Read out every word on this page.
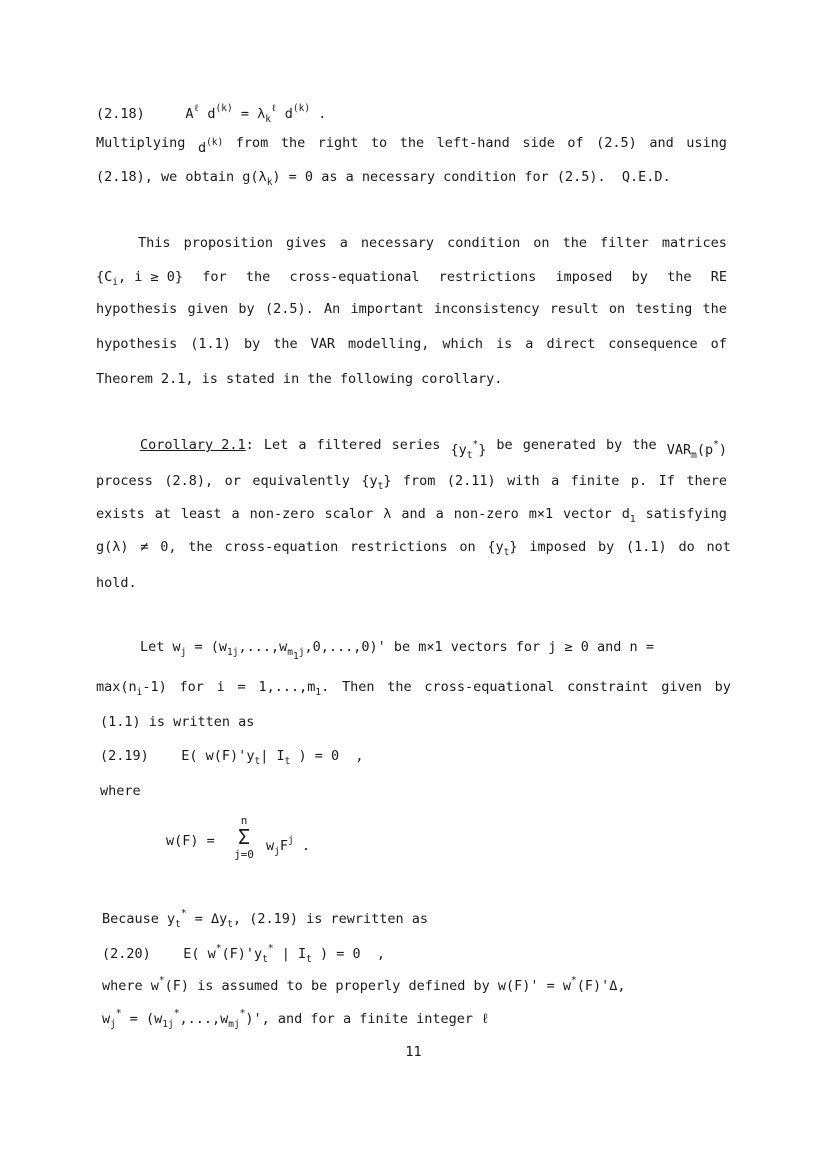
(2.18)     $A^\ell$ $d^{(k)} = \lambda_k^\ell$ $d^{(k)}$ .
Multiplying $d^{(k)}$ from the right to the left-hand side of (2.5) and using
(2.18), we obtain $g(\lambda_k) = 0$ as a necessary condition for (2.5).  Q.E.D.
This proposition gives a necessary condition on the filter matrices
{$C_i$, i ≥ 0} for the cross-equational restrictions imposed by the RE
hypothesis given by (2.5). An important inconsistency result on testing the
hypothesis (1.1) by the VAR modelling, which is a direct consequence of
Theorem 2.1, is stated in the following corollary.
Corollary 2.1: Let a filtered series $\{y_t^*\}$ be generated by the $VAR_m(p^*)$
process (2.8), or equivalently $\{y_t\}$ from (2.11) with a finite p. If there
exists at least a non-zero scalor λ and a non-zero m×1 vector $d_1$ satisfying
g(λ) ≠ 0, the cross-equation restrictions on $\{y_t\}$ imposed by (1.1) do not
hold.
Let $w_j = (w_{1j},...,w_{m_1j},0,...,0)'$ be m×1 vectors for j ≥ 0 and n =
$\max(n_i-1)$ for $i = 1,...,m_1$. Then the cross-equational constraint given by
(1.1) is written as
(2.19)    E( $w(F)'y_t|$ $I_t$ ) = 0  ,
where
w(F) =
n
Σ
j=0
$w_jF^j$ .
Because $y_t^* = \Delta y_t$, (2.19) is rewritten as
(2.20)    E( $w^*(F)'y_t^*$ | $I_t$ ) = 0  ,
where w*(F) is assumed to be properly defined by w(F)' = w*(F)'Δ,
$w_j^* = (w_{1j}^*,...,w_{mj}^*)'$, and for a finite integer ℓ
11
